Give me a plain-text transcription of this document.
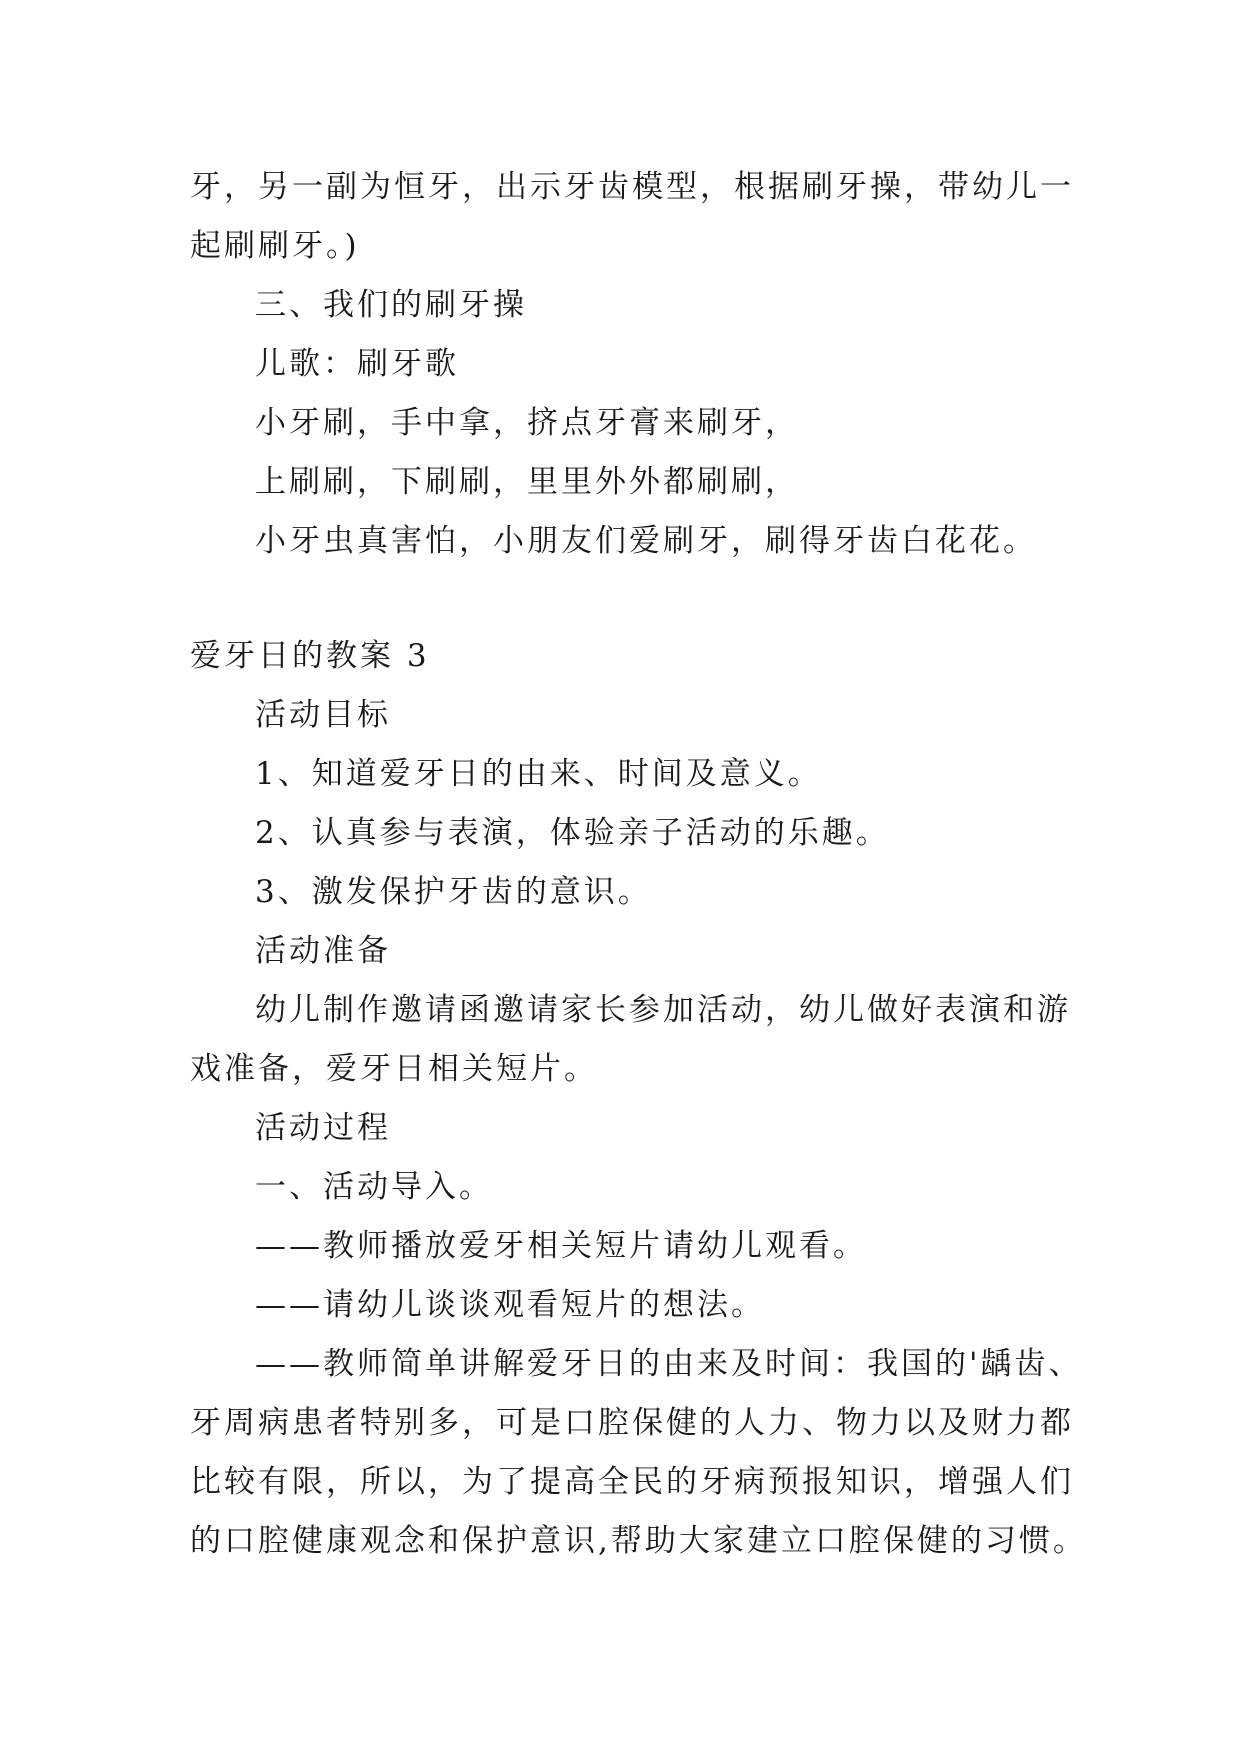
牙，另一副为恒牙，出示牙齿模型，根据刷牙操，带幼儿一
起刷刷牙。)
三、我们的刷牙操
儿歌：刷牙歌
小牙刷，手中拿，挤点牙膏来刷牙，
上刷刷，下刷刷，里里外外都刷刷，
小牙虫真害怕，小朋友们爱刷牙，刷得牙齿白花花。
爱牙日的教案 3
活动目标
1、知道爱牙日的由来、时间及意义。
2、认真参与表演，体验亲子活动的乐趣。
3、激发保护牙齿的意识。
活动准备
幼儿制作邀请函邀请家长参加活动，幼儿做好表演和游
戏准备，爱牙日相关短片。
活动过程
一、活动导入。
——教师播放爱牙相关短片请幼儿观看。
——请幼儿谈谈观看短片的想法。
——教师简单讲解爱牙日的由来及时间：我国的'龋齿、
牙周病患者特别多，可是口腔保健的人力、物力以及财力都
比较有限，所以，为了提高全民的牙病预报知识，增强人们
的口腔健康观念和保护意识,帮助大家建立口腔保健的习惯。
